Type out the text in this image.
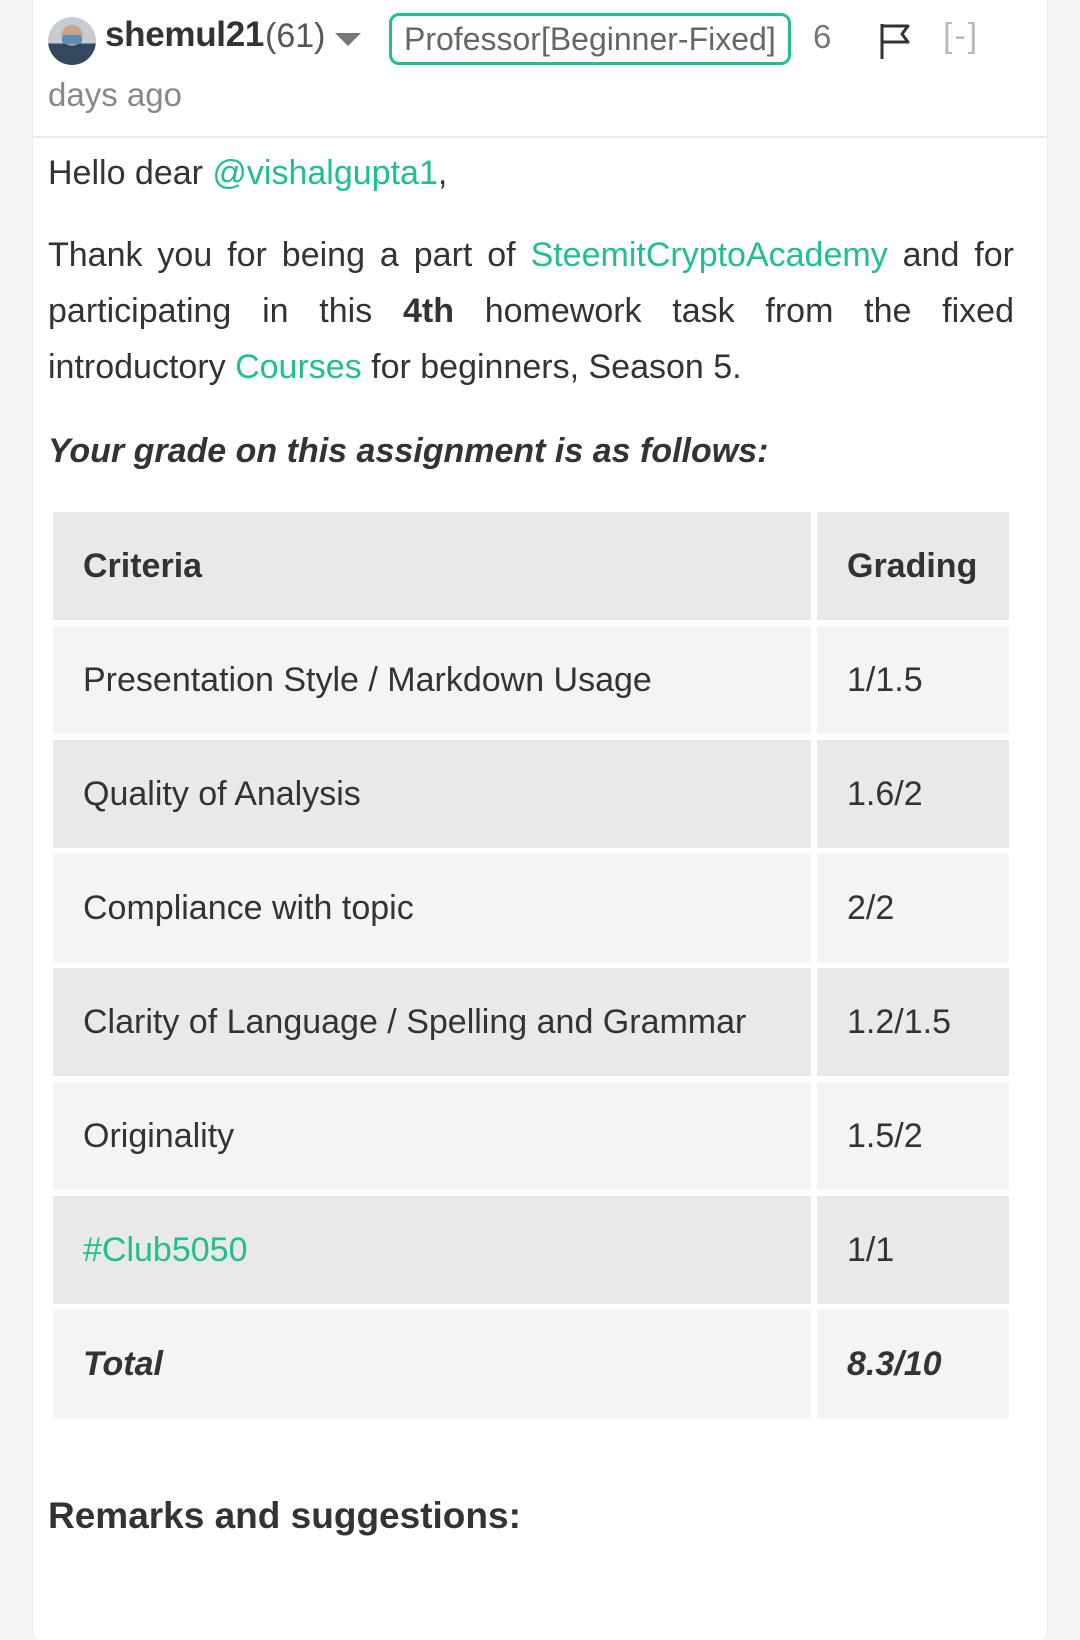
shemul21 (61)	Professor[Beginner-Fixed]	6	[-]
days ago

Hello dear @vishalgupta1,

Thank you for being a part of SteemitCryptoAcademy and for participating in this 4th homework task from the fixed introductory Courses for beginners, Season 5.

Your grade on this assignment is as follows:

Criteria	Grading
Presentation Style / Markdown Usage	1/1.5
Quality of Analysis	1.6/2
Compliance with topic	2/2
Clarity of Language / Spelling and Grammar	1.2/1.5
Originality	1.5/2
#Club5050	1/1
Total	8.3/10
Remarks and suggestions:
